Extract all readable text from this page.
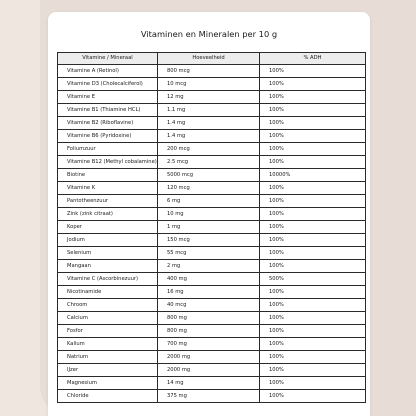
Vitaminen en Mineralen per 10 g
Vitamine / Mineraal	Hoeveelheid	% ADH
Vitamine A (Retinol)	800 mcg	100%
Vitamine D3 (Cholecalciferol)	10 mcg	100%
Vitamine E	12 mg	100%
Vitamine B1 (Thiamine HCL)	1.1 mg	100%
Vitamine B2 (Riboflavine)	1.4 mg	100%
Vitamine B6 (Pyridoxine)	1.4 mg	100%
Foliumzuur	200 mcg	100%
Vitamine B12 (Methyl cobalamine)	2.5 mcg	100%
Biotine	5000 mcg	10000%
Vitamine K	120 mcg	100%
Pantotheenzuur	6 mg	100%
Zink (zink citraat)	10 mg	100%
Koper	1 mg	100%
Jodium	150 mcg	100%
Selenium	55 mcg	100%
Mangaan	2 mg	100%
Vitamine C (Ascorbinezuur)	400 mg	500%
Nicotinamide	16 mg	100%
Chroom	40 mcg	100%
Calcium	800 mg	100%
Fosfor	800 mg	100%
Kalium	700 mg	100%
Natrium	2000 mg	100%
IJzer	2000 mg	100%
Magnesium	14 mg	100%
Chloride	375 mg	100%
